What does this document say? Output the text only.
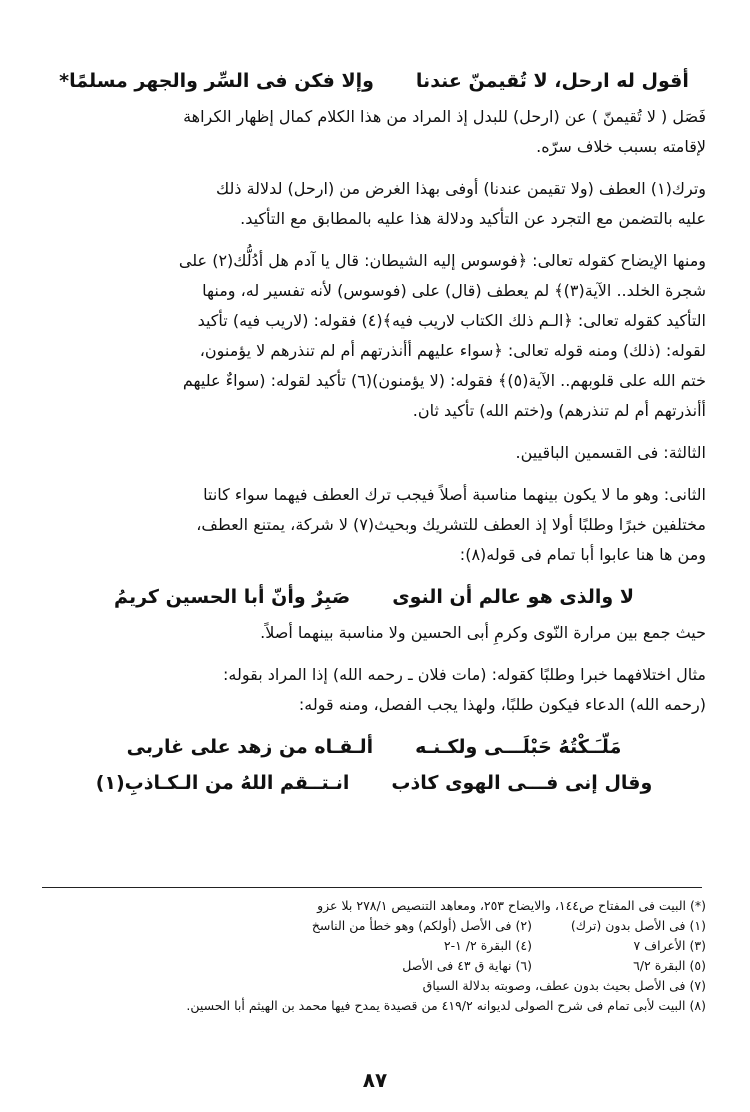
أقول له ارحل، لا تُقيمنّ عندنا
وإلا فكن فى السِّر والجهر مسلمًا*

فَصَل ( لا تُقيمنّ ) عن (ارحل) للبدل إذ المراد من هذا الكلام كمال إظهار الكراهة

لإقامته بسبب خلاف سرّه.

وترك(١) العطف (ولا تقيمن عندنا) أوفى بهذا الغرض من (ارحل) لدلالة ذلك

عليه بالتضمن مع التجرد عن التأكيد ودلالة هذا عليه بالمطابق مع التأكيد.

ومنها الإيضاح كقوله تعالى: ﴿فوسوس إليه الشيطان: قال يا آدم هل أدُلُّك(٢) على

شجرة الخلد.. الآية(٣)﴾ لم يعطف (قال) على (فوسوس) لأنه تفسير له، ومنها

التأكيد كقوله تعالى: ﴿الـم ذلك الكتاب لاريب فيه﴾(٤) فقوله: (لاريب فيه) تأكيد

لقوله: (ذلك) ومنه قوله تعالى: ﴿سواء عليهم أأنذرتهم أم لم تنذرهم لا يؤمنون،

ختم الله على قلوبهم.. الآية(٥)﴾ فقوله: (لا يؤمنون)(٦) تأكيد لقوله: (سواءٌ عليهم

أأنذرتهم أم لم تنذرهم) و(ختم الله) تأكيد ثان.

الثالثة: فى القسمين الباقيين.

الثانى: وهو ما لا يكون بينهما مناسبة أصلاً فيجب ترك العطف فيهما سواء كانتا

مختلفين خبرًا وطلبًا أولا إذ العطف للتشريك وبحيث(٧) لا شركة، يمتنع العطف،

ومن ها هنا عابوا أبا تمام فى قوله(٨):

لا والذى هو عالم أن النوى
صَبِرٌ وأنّ أبا الحسين كريمُ

حيث جمع بين مرارة النّوى وكرمِ أبى الحسين ولا مناسبة بينهما أصلاً.

مثال اختلافهما خبرا وطلبًا كقوله: (مات فلان ـ رحمه الله) إذا المراد بقوله:

(رحمه الله) الدعاء فيكون طلبًا، ولهذا يجب الفصل، ومنه قوله:

مَلّـَـكْتُهُ حَبْلَـــى ولكـنـه
ألـقـاه من زهد على غاربى
وقال إنى فـــى الهوى كاذب
انـتــقم اللهُ من الـكـاذبِ(١)
(*) البيت فى المفتاح ص١٤٤، والايضاح ٢٥٣، ومعاهد التنصيص ٢٧٨/١ بلا عزو
(١) فى الأصل بدون (ترك)
(٢) فى الأصل (أولكم) وهو خطأ من الناسخ
(٣) الأعراف ٧
(٤) البقرة ٢/ ١-٢
(٥) البقرة ٦/٢
(٦) نهاية ق ٤٣ فى الأصل
(٧) فى الأصل بحيث بدون عطف، وصوبته بدلالة السياق
(٨) البيت لأبى تمام فى شرح الصولى لديوانه ٤١٩/٢ من قصيدة يمدح فيها محمد بن الهيثم أبا الحسين.
٨٧
